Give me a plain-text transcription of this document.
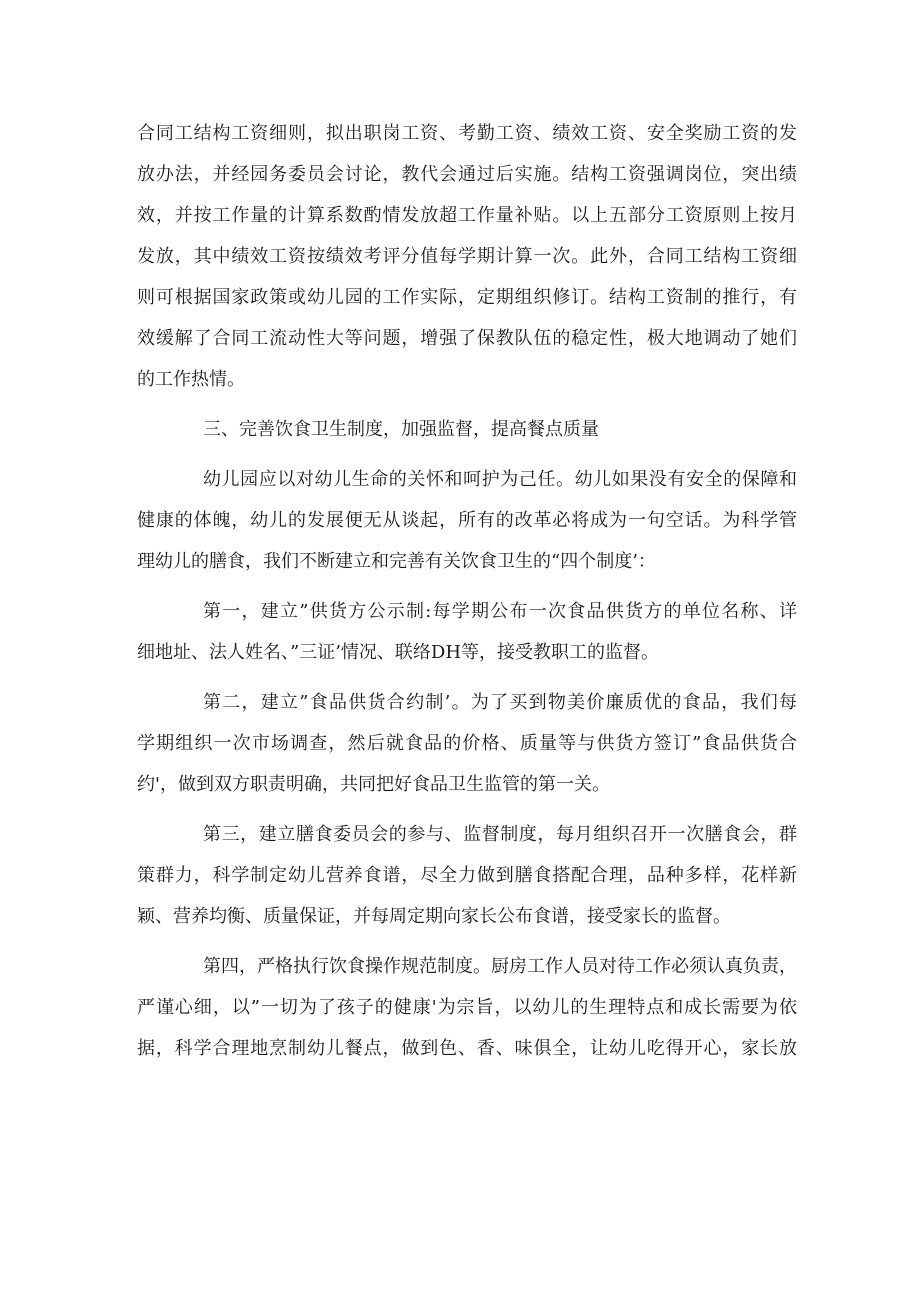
合同工结构工资细则，拟出职岗工资、考勤工资、绩效工资、安全奖励工资的发
放办法，并经园务委员会讨论，教代会通过后实施。结构工资强调岗位，突出绩
效，并按工作量的计算系数酌情发放超工作量补贴。以上五部分工资原则上按月
发放，其中绩效工资按绩效考评分值每学期计算一次。此外，合同工结构工资细
则可根据国家政策或幼儿园的工作实际，定期组织修订。结构工资制的推行，有
效缓解了合同工流动性大等问题，增强了保教队伍的稳定性，极大地调动了她们
的工作热情。
三、完善饮食卫生制度，加强监督，提高餐点质量
幼儿园应以对幼儿生命的关怀和呵护为己任。幼儿如果没有安全的保障和
健康的体魄，幼儿的发展便无从谈起，所有的改革必将成为一句空话。为科学管
理幼儿的膳食，我们不断建立和完善有关饮食卫生的“四个制度’：
第一，建立”供货方公示制:每学期公布一次食品供货方的单位名称、详
细地址、法人姓名、”三证’情况、联络DH等，接受教职工的监督。
第二，建立”食品供货合约制’。为了买到物美价廉质优的食品，我们每
学期组织一次市场调查，然后就食品的价格、质量等与供货方签订”食品供货合
约'，做到双方职责明确，共同把好食品卫生监管的第一关。
第三，建立膳食委员会的参与、监督制度，每月组织召开一次膳食会，群
策群力，科学制定幼儿营养食谱，尽全力做到膳食搭配合理，品种多样，花样新
颖、营养均衡、质量保证，并每周定期向家长公布食谱，接受家长的监督。
第四，严格执行饮食操作规范制度。厨房工作人员对待工作必须认真负责，
严谨心细，以”一切为了孩子的健康'为宗旨，以幼儿的生理特点和成长需要为依
据，科学合理地烹制幼儿餐点，做到色、香、味俱全，让幼儿吃得开心，家长放
